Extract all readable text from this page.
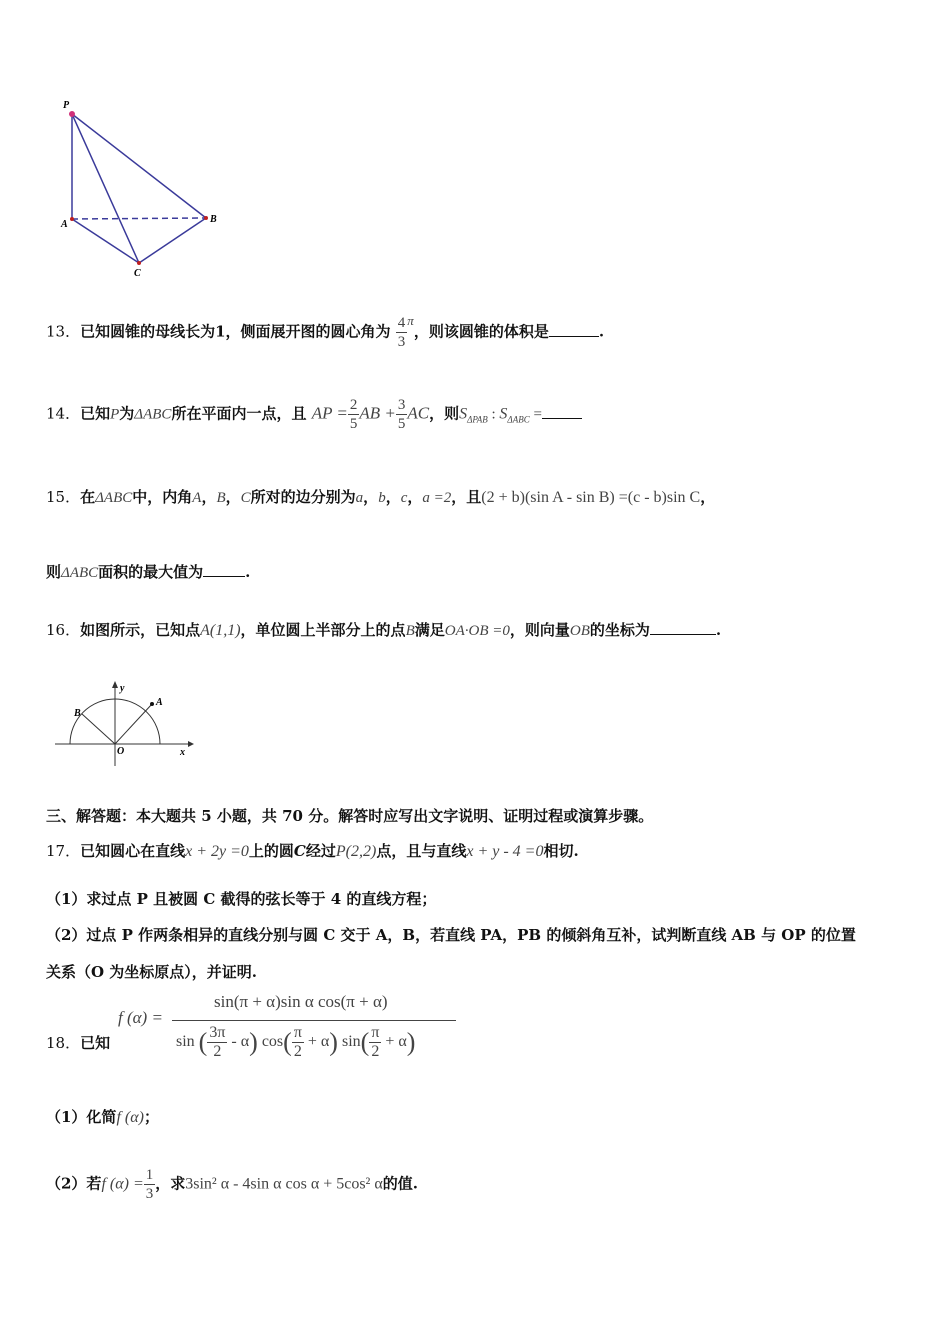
P
A	B
C
13．已知圆锥的母线长为1，侧面展开图的圆心角为 $\frac{4}{3}$ π，则该圆锥的体积是	.
14．已知P为ΔABC所在平面内一点，且 AP = $\frac{2}{5}$ AB + $\frac{3}{5}$ AC，则$S_{\Delta PAB}$ : $S_{\Delta ABC}$ =
15．在ΔABC中，内角A，B，C所对的边分别为a，b，c，a =2，且(2 + b)(sin A - sin B) =(c - b)sin C，
则ΔABC面积的最大值为	.
16．如图所示，已知点A(1,1)，单位圆上半部分上的点B满足OA·OB =0，则向量OB的坐标为	.
y
x
O
A
B
三、解答题：本大题共 5 小题，共 70 分。解答时应写出文字说明、证明过程或演算步骤。
17．已知圆心在直线x + 2y =0上的圆C经过P(2,2)点，且与直线x + y - 4 =0相切.
（1）求过点 P 且被圆 C 截得的弦长等于 4 的直线方程；
（2）过点 P 作两条相异的直线分别与圆 C 交于 A，B，若直线 PA，PB 的倾斜角互补，试判断直线 AB 与 OP 的位置
关系（O 为坐标原点），并证明.
18．已知
f (α) =
sin(π + α)sin α cos(π + α)
sin ( $\frac{3\pi}{2} - \alpha$) $\cos( \frac{\pi}{2} + \alpha)$ $\sin( \frac{\pi}{2} + \alpha)$
（1）化简f (α)；
（2）若f $(\alpha) = \frac{1}{3}$ ，求3sin² α - 4sin α cos α + 5cos² α的值.
